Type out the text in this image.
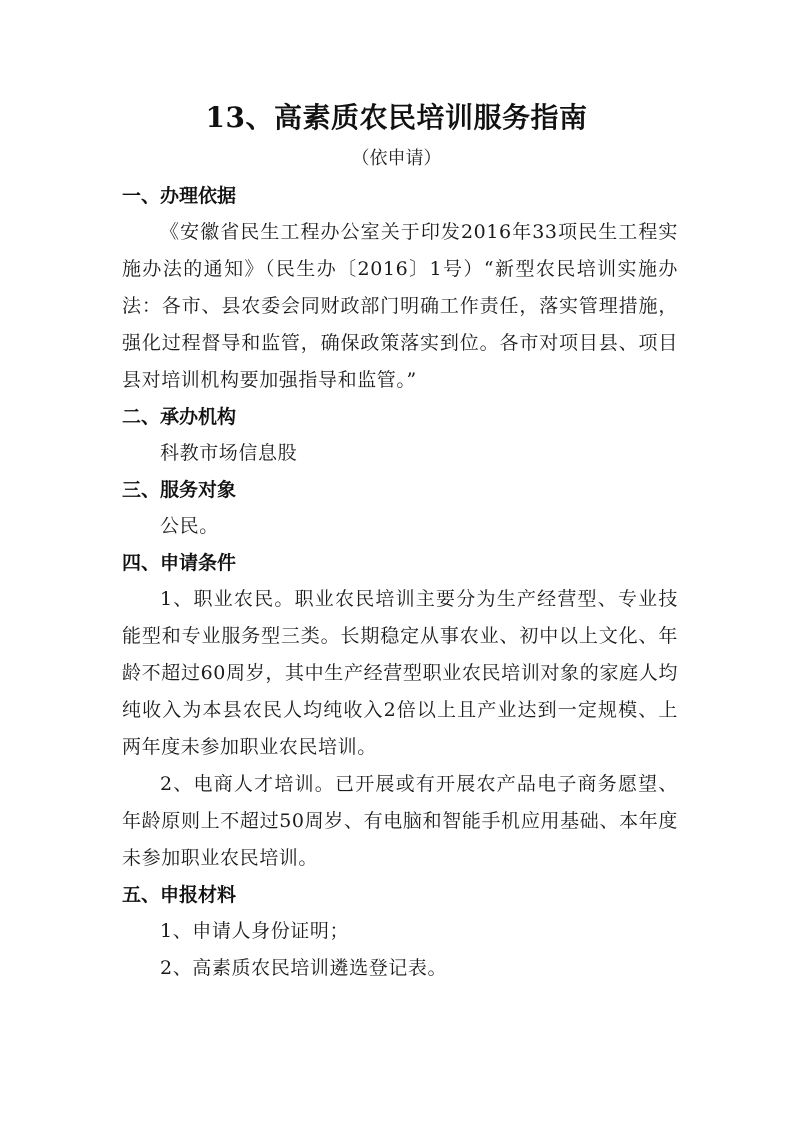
13、高素质农民培训服务指南
（依申请）
一、办理依据

《安徽省民生工程办公室关于印发2016年33项民生工程实施办法的通知》（民生办〔2016〕1号）“新型农民培训实施办法：各市、县农委会同财政部门明确工作责任，落实管理措施，强化过程督导和监管，确保政策落实到位。各市对项目县、项目县对培训机构要加强指导和监管。”

二、承办机构

科教市场信息股

三、服务对象

公民。

四、申请条件

1、职业农民。职业农民培训主要分为生产经营型、专业技能型和专业服务型三类。长期稳定从事农业、初中以上文化、年龄不超过60周岁，其中生产经营型职业农民培训对象的家庭人均纯收入为本县农民人均纯收入2倍以上且产业达到一定规模、上两年度未参加职业农民培训。

2、电商人才培训。已开展或有开展农产品电子商务愿望、年龄原则上不超过50周岁、有电脑和智能手机应用基础、本年度未参加职业农民培训。

五、申报材料

1、申请人身份证明；

2、高素质农民培训遴选登记表。
